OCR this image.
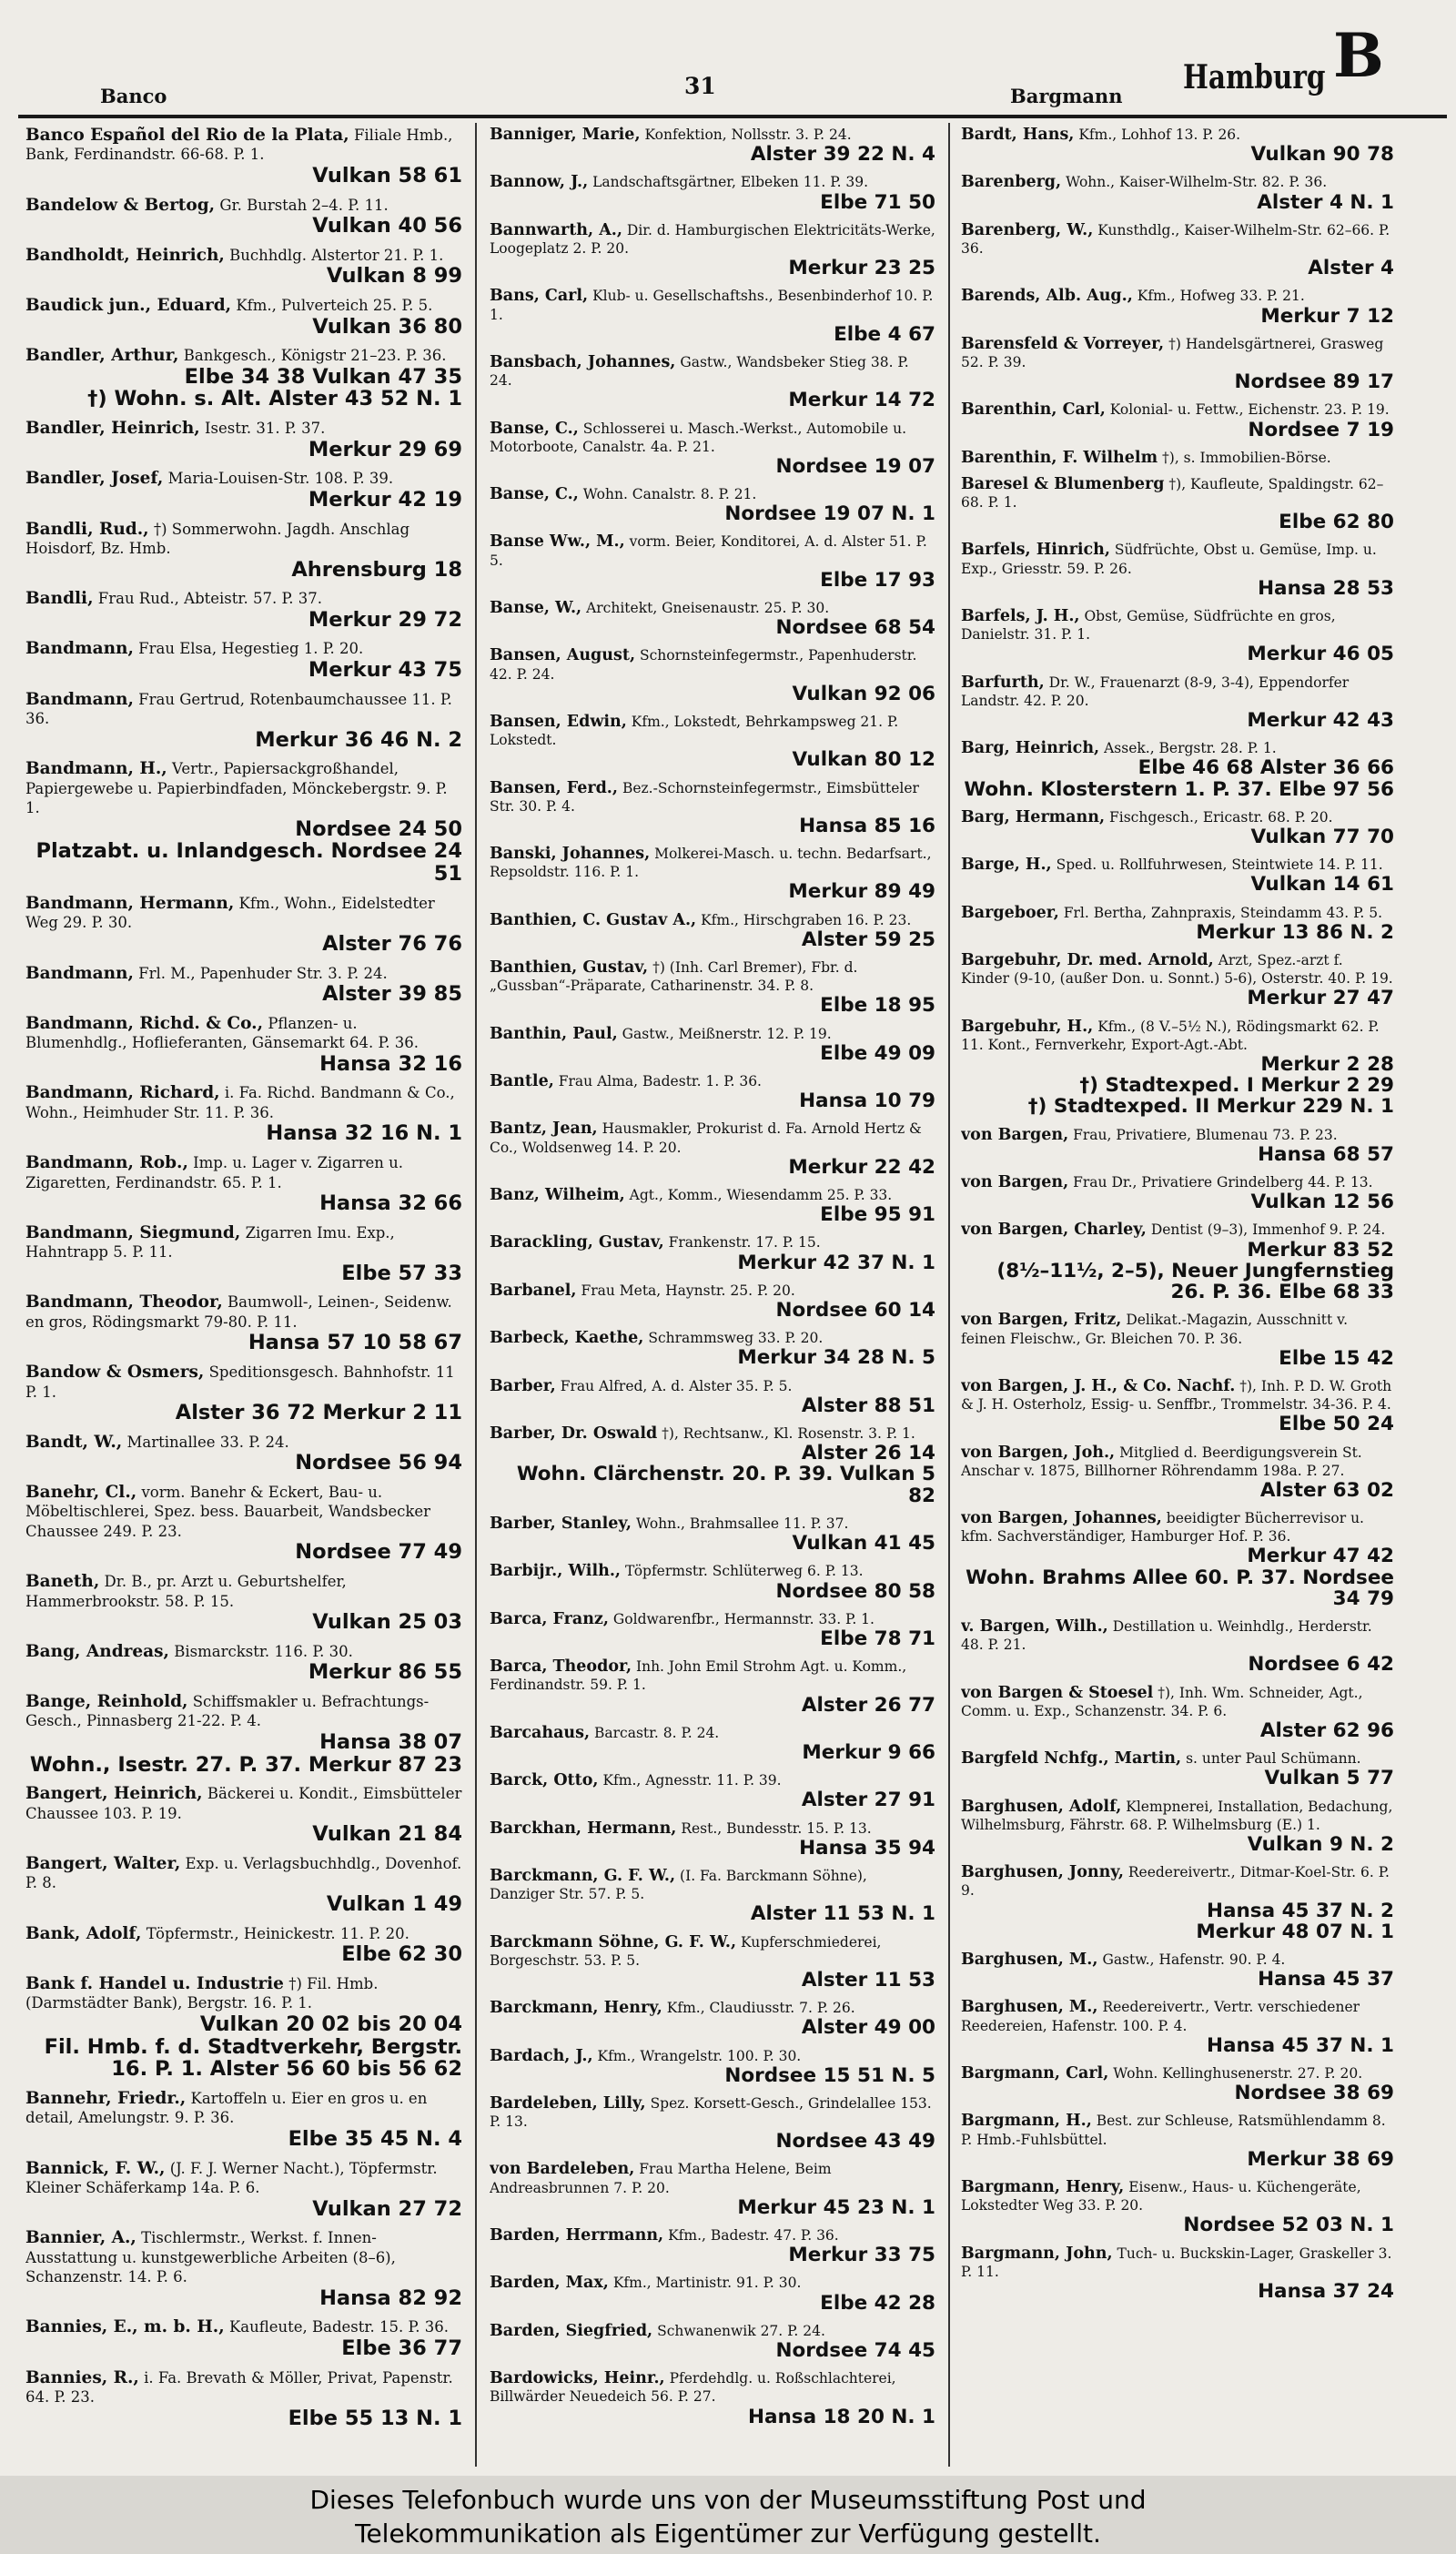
Banco	31	Bargmann Hamburg B
Banco Español del Rio de la Plata, Filiale Hmb., Bank, Ferdinandstr. 66-68. P. 1.
Vulkan 58 61
Bandelow & Bertog, Gr. Burstah 2–4. P. 11.
Vulkan 40 56
Bandholdt, Heinrich, Buchhdlg. Alstertor 21. P. 1.
Vulkan 8 99
Baudick jun., Eduard, Kfm., Pulverteich 25. P. 5.
Vulkan 36 80
Bandler, Arthur, Bankgesch., Königstr 21–23. P. 36.
Elbe 34 38 Vulkan 47 35
†) Wohn. s. Alt. Alster 43 52 N. 1
Bandler, Heinrich, Isestr. 31. P. 37.
Merkur 29 69
Bandler, Josef, Maria-Louisen-Str. 108. P. 39.
Merkur 42 19
Bandli, Rud., †) Sommerwohn. Jagdh. Anschlag Hoisdorf, Bz. Hmb.
Ahrensburg 18
Bandli, Frau Rud., Abteistr. 57. P. 37.
Merkur 29 72
Bandmann, Frau Elsa, Hegestieg 1. P. 20.
Merkur 43 75
Bandmann, Frau Gertrud, Rotenbaumchaussee 11. P. 36.
Merkur 36 46 N. 2
Bandmann, H., Vertr., Papiersackgroßhandel, Papiergewebe u. Papierbindfaden, Mönckebergstr. 9. P. 1.
Nordsee 24 50
Platzabt. u. Inlandgesch. Nordsee 24 51
Bandmann, Hermann, Kfm., Wohn., Eidelstedter Weg 29. P. 30.
Alster 76 76
Bandmann, Frl. M., Papenhuder Str. 3. P. 24.
Alster 39 85
Bandmann, Richd. & Co., Pflanzen- u. Blumenhdlg., Hoflieferanten, Gänsemarkt 64. P. 36.
Hansa 32 16
Bandmann, Richard, i. Fa. Richd. Bandmann & Co., Wohn., Heimhuder Str. 11. P. 36.
Hansa 32 16 N. 1
Bandmann, Rob., Imp. u. Lager v. Zigarren u. Zigaretten, Ferdinandstr. 65. P. 1.
Hansa 32 66
Bandmann, Siegmund, Zigarren Imu. Exp., Hahntrapp 5. P. 11.
Elbe 57 33
Bandmann, Theodor, Baumwoll-, Leinen-, Seidenw. en gros, Rödingsmarkt 79-80. P. 11.
Hansa 57 10 58 67
Bandow & Osmers, Speditionsgesch. Bahnhofstr. 11 P. 1.
Alster 36 72 Merkur 2 11
Bandt, W., Martinallee 33. P. 24.
Nordsee 56 94
Banehr, Cl., vorm. Banehr & Eckert, Bau- u. Möbeltischlerei, Spez. bess. Bauarbeit, Wandsbecker Chaussee 249. P. 23.
Nordsee 77 49
Baneth, Dr. B., pr. Arzt u. Geburtshelfer, Hammerbrookstr. 58. P. 15.
Vulkan 25 03
Bang, Andreas, Bismarckstr. 116. P. 30.
Merkur 86 55
Bange, Reinhold, Schiffsmakler u. Befrachtungs-Gesch., Pinnasberg 21-22. P. 4.
Hansa 38 07
Wohn., Isestr. 27. P. 37. Merkur 87 23
Bangert, Heinrich, Bäckerei u. Kondit., Eimsbütteler Chaussee 103. P. 19.
Vulkan 21 84
Bangert, Walter, Exp. u. Verlagsbuchhdlg., Dovenhof. P. 8.
Vulkan 1 49
Bank, Adolf, Töpfermstr., Heinickestr. 11. P. 20.
Elbe 62 30
Bank f. Handel u. Industrie †) Fil. Hmb. (Darmstädter Bank), Bergstr. 16. P. 1.
Vulkan 20 02 bis 20 04
Fil. Hmb. f. d. Stadtverkehr, Bergstr. 16. P. 1. Alster 56 60 bis 56 62
Bannehr, Friedr., Kartoffeln u. Eier en gros u. en detail, Amelungstr. 9. P. 36.
Elbe 35 45 N. 4
Bannick, F. W., (J. F. J. Werner Nacht.), Töpfermstr. Kleiner Schäferkamp 14a. P. 6.
Vulkan 27 72
Bannier, A., Tischlermstr., Werkst. f. Innen-Ausstattung u. kunstgewerbliche Arbeiten (8–6), Schanzenstr. 14. P. 6.
Hansa 82 92
Bannies, E., m. b. H., Kaufleute, Badestr. 15. P. 36.
Elbe 36 77
Bannies, R., i. Fa. Brevath & Möller, Privat, Papenstr. 64. P. 23.
Elbe 55 13 N. 1
Banniger, Marie, Konfektion, Nollsstr. 3. P. 24.
Alster 39 22 N. 4
Bannow, J., Landschaftsgärtner, Elbeken 11. P. 39.
Elbe 71 50
Bannwarth, A., Dir. d. Hamburgischen Elektricitäts-Werke, Loogeplatz 2. P. 20.
Merkur 23 25
Bans, Carl, Klub- u. Gesellschaftshs., Besenbinderhof 10. P. 1.
Elbe 4 67
Bansbach, Johannes, Gastw., Wandsbeker Stieg 38. P. 24.
Merkur 14 72
Banse, C., Schlosserei u. Masch.-Werkst., Automobile u. Motorboote, Canalstr. 4a. P. 21.
Nordsee 19 07
Banse, C., Wohn. Canalstr. 8. P. 21.
Nordsee 19 07 N. 1
Banse Ww., M., vorm. Beier, Konditorei, A. d. Alster 51. P. 5.
Elbe 17 93
Banse, W., Architekt, Gneisenaustr. 25. P. 30.
Nordsee 68 54
Bansen, August, Schornsteinfegermstr., Papenhuderstr. 42. P. 24.
Vulkan 92 06
Bansen, Edwin, Kfm., Lokstedt, Behrkampsweg 21. P. Lokstedt.
Vulkan 80 12
Bansen, Ferd., Bez.-Schornsteinfegermstr., Eimsbütteler Str. 30. P. 4.
Hansa 85 16
Banski, Johannes, Molkerei-Masch. u. techn. Bedarfsart., Repsoldstr. 116. P. 1.
Merkur 89 49
Banthien, C. Gustav A., Kfm., Hirschgraben 16. P. 23.
Alster 59 25
Banthien, Gustav, †) (Inh. Carl Bremer), Fbr. d. „Gussban“-Präparate, Catharinenstr. 34. P. 8.
Elbe 18 95
Banthin, Paul, Gastw., Meißnerstr. 12. P. 19.
Elbe 49 09
Bantle, Frau Alma, Badestr. 1. P. 36.
Hansa 10 79
Bantz, Jean, Hausmakler, Prokurist d. Fa. Arnold Hertz & Co., Woldsenweg 14. P. 20.
Merkur 22 42
Banz, Wilheim, Agt., Komm., Wiesendamm 25. P. 33.
Elbe 95 91
Barackling, Gustav, Frankenstr. 17. P. 15.
Merkur 42 37 N. 1
Barbanel, Frau Meta, Haynstr. 25. P. 20.
Nordsee 60 14
Barbeck, Kaethe, Schrammsweg 33. P. 20.
Merkur 34 28 N. 5
Barber, Frau Alfred, A. d. Alster 35. P. 5.
Alster 88 51
Barber, Dr. Oswald †), Rechtsanw., Kl. Rosenstr. 3. P. 1.
Alster 26 14
Wohn. Clärchenstr. 20. P. 39. Vulkan 5 82
Barber, Stanley, Wohn., Brahmsallee 11. P. 37.
Vulkan 41 45
Barbijr., Wilh., Töpfermstr. Schlüterweg 6. P. 13.
Nordsee 80 58
Barca, Franz, Goldwarenfbr., Hermannstr. 33. P. 1.
Elbe 78 71
Barca, Theodor, Inh. John Emil Strohm Agt. u. Komm., Ferdinandstr. 59. P. 1.
Alster 26 77
Barcahaus, Barcastr. 8. P. 24.
Merkur 9 66
Barck, Otto, Kfm., Agnesstr. 11. P. 39.
Alster 27 91
Barckhan, Hermann, Rest., Bundesstr. 15. P. 13.
Hansa 35 94
Barckmann, G. F. W., (I. Fa. Barckmann Söhne), Danziger Str. 57. P. 5.
Alster 11 53 N. 1
Barckmann Söhne, G. F. W., Kupferschmiederei, Borgeschstr. 53. P. 5.
Alster 11 53
Barckmann, Henry, Kfm., Claudiusstr. 7. P. 26.
Alster 49 00
Bardach, J., Kfm., Wrangelstr. 100. P. 30.
Nordsee 15 51 N. 5
Bardeleben, Lilly, Spez. Korsett-Gesch., Grindelallee 153. P. 13.
Nordsee 43 49
von Bardeleben, Frau Martha Helene, Beim Andreasbrunnen 7. P. 20.
Merkur 45 23 N. 1
Barden, Herrmann, Kfm., Badestr. 47. P. 36.
Merkur 33 75
Barden, Max, Kfm., Martinistr. 91. P. 30.
Elbe 42 28
Barden, Siegfried, Schwanenwik 27. P. 24.
Nordsee 74 45
Bardowicks, Heinr., Pferdehdlg. u. Roßschlachterei, Billwärder Neuedeich 56. P. 27.
Hansa 18 20 N. 1
Bardt, Hans, Kfm., Lohhof 13. P. 26.
Vulkan 90 78
Barenberg, Wohn., Kaiser-Wilhelm-Str. 82. P. 36.
Alster 4 N. 1
Barenberg, W., Kunsthdlg., Kaiser-Wilhelm-Str. 62–66. P. 36.
Alster 4
Barends, Alb. Aug., Kfm., Hofweg 33. P. 21.
Merkur 7 12
Barensfeld & Vorreyer, †) Handelsgärtnerei, Grasweg 52. P. 39.
Nordsee 89 17
Barenthin, Carl, Kolonial- u. Fettw., Eichenstr. 23. P. 19.
Nordsee 7 19
Barenthin, F. Wilhelm †), s. Immobilien-Börse.
Baresel & Blumenberg †), Kaufleute, Spaldingstr. 62–68. P. 1.
Elbe 62 80
Barfels, Hinrich, Südfrüchte, Obst u. Gemüse, Imp. u. Exp., Griesstr. 59. P. 26.
Hansa 28 53
Barfels, J. H., Obst, Gemüse, Südfrüchte en gros, Danielstr. 31. P. 1.
Merkur 46 05
Barfurth, Dr. W., Frauenarzt (8-9, 3-4), Eppendorfer Landstr. 42. P. 20.
Merkur 42 43
Barg, Heinrich, Assek., Bergstr. 28. P. 1.
Elbe 46 68 Alster 36 66
Wohn. Klosterstern 1. P. 37. Elbe 97 56
Barg, Hermann, Fischgesch., Ericastr. 68. P. 20.
Vulkan 77 70
Barge, H., Sped. u. Rollfuhrwesen, Steintwiete 14. P. 11.
Vulkan 14 61
Bargeboer, Frl. Bertha, Zahnpraxis, Steindamm 43. P. 5.
Merkur 13 86 N. 2
Bargebuhr, Dr. med. Arnold, Arzt, Spez.-arzt f. Kinder (9-10, (außer Don. u. Sonnt.) 5-6), Osterstr. 40. P. 19.
Merkur 27 47
Bargebuhr, H., Kfm., (8 V.–5½ N.), Rödingsmarkt 62. P. 11. Kont., Fernverkehr, Export-Agt.-Abt.
Merkur 2 28
†) Stadtexped. I Merkur 2 29
†) Stadtexped. II Merkur 229 N. 1
von Bargen, Frau, Privatiere, Blumenau 73. P. 23.
Hansa 68 57
von Bargen, Frau Dr., Privatiere Grindelberg 44. P. 13.
Vulkan 12 56
von Bargen, Charley, Dentist (9–3), Immenhof 9. P. 24.
Merkur 83 52
(8½–11½, 2–5), Neuer Jungfernstieg 26. P. 36. Elbe 68 33
von Bargen, Fritz, Delikat.-Magazin, Ausschnitt v. feinen Fleischw., Gr. Bleichen 70. P. 36.
Elbe 15 42
von Bargen, J. H., & Co. Nachf. †), Inh. P. D. W. Groth & J. H. Osterholz, Essig- u. Senffbr., Trommelstr. 34-36. P. 4.
Elbe 50 24
von Bargen, Joh., Mitglied d. Beerdigungsverein St. Anschar v. 1875, Billhorner Röhrendamm 198a. P. 27.
Alster 63 02
von Bargen, Johannes, beeidigter Bücherrevisor u. kfm. Sachverständiger, Hamburger Hof. P. 36.
Merkur 47 42
Wohn. Brahms Allee 60. P. 37. Nordsee 34 79
v. Bargen, Wilh., Destillation u. Weinhdlg., Herderstr. 48. P. 21.
Nordsee 6 42
von Bargen & Stoesel †), Inh. Wm. Schneider, Agt., Comm. u. Exp., Schanzenstr. 34. P. 6.
Alster 62 96
Bargfeld Nchfg., Martin, s. unter Paul Schümann.
Vulkan 5 77
Barghusen, Adolf, Klempnerei, Installation, Bedachung, Wilhelmsburg, Fährstr. 68. P. Wilhelmsburg (E.) 1.
Vulkan 9 N. 2
Barghusen, Jonny, Reedereivertr., Ditmar-Koel-Str. 6. P. 9.
Hansa 45 37 N. 2
Merkur 48 07 N. 1
Barghusen, M., Gastw., Hafenstr. 90. P. 4.
Hansa 45 37
Barghusen, M., Reedereivertr., Vertr. verschiedener Reedereien, Hafenstr. 100. P. 4.
Hansa 45 37 N. 1
Bargmann, Carl, Wohn. Kellinghusenerstr. 27. P. 20.
Nordsee 38 69
Bargmann, H., Best. zur Schleuse, Ratsmühlendamm 8. P. Hmb.-Fuhlsbüttel.
Merkur 38 69
Bargmann, Henry, Eisenw., Haus- u. Küchengeräte, Lokstedter Weg 33. P. 20.
Nordsee 52 03 N. 1
Bargmann, John, Tuch- u. Buckskin-Lager, Graskeller 3. P. 11.
Hansa 37 24
Dieses Telefonbuch wurde uns von der Museumsstiftung Post und
Telekommunikation als Eigentümer zur Verfügung gestellt.
